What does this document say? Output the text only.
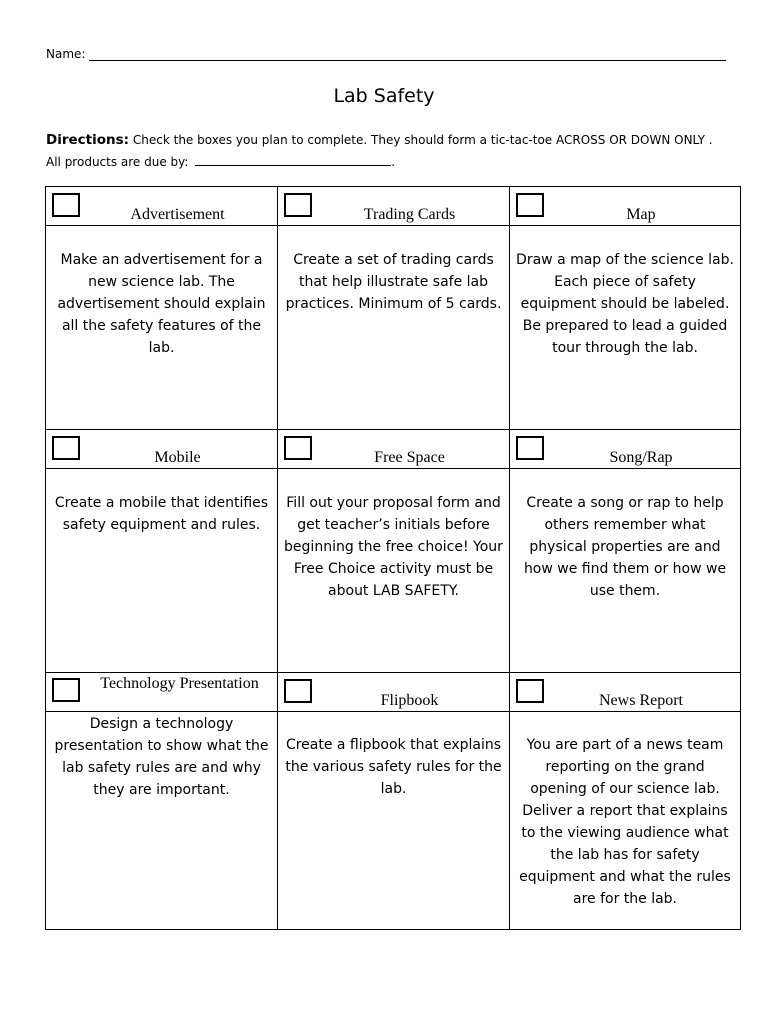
Name:
Lab Safety
Directions: Check the boxes you plan to complete. They should form a tic-tac-toe ACROSS OR DOWN ONLY .
All products are due by:	.
Advertisement
Make an advertisement for a new science lab. The advertisement should explain all the safety features of the lab.
Trading Cards
Create a set of trading cards that help illustrate safe lab practices. Minimum of 5 cards.
Map
Draw a map of the science lab. Each piece of safety equipment should be labeled. Be prepared to lead a guided tour through the lab.
Mobile
Create a mobile that identifies safety equipment and rules.
Free Space
Fill out your proposal form and get teacher’s initials before beginning the free choice! Your Free Choice activity must be about LAB SAFETY.
Song/Rap
Create a song or rap to help others remember what physical properties are and how we find them or how we use them.
Technology Presentation
Design a technology presentation to show what the lab safety rules are and why they are important.
Flipbook
Create a flipbook that explains the various safety rules for the lab.
News Report
You are part of a news team reporting on the grand opening of our science lab. Deliver a report that explains to the viewing audience what the lab has for safety equipment and what the rules are for the lab.
